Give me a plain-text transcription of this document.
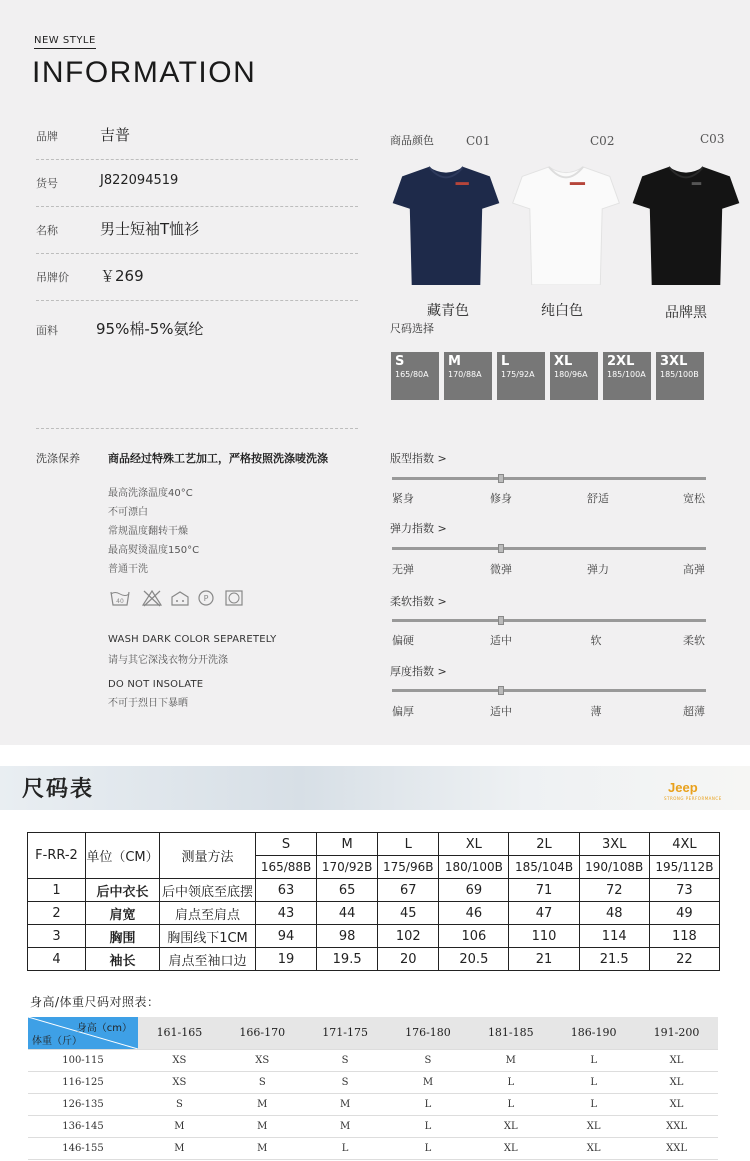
NEW STYLE
INFORMATION
品牌	吉普
货号	J822094519
名称	男士短袖T恤衫
吊牌价 ￥269
面料	95%棉-5%氨纶
商品颜色	C01	C02	C03
藏青色	纯白色	品牌黑
尺码选择
S
165/80A
M
170/88A
L
175/92A
XL
180/96A
2XL
185/100A
3XL
185/100B
洗涤保养	商品经过特殊工艺加工，严格按照洗涤唛洗涤
最高洗涤温度40°C
不可漂白
常规温度翻转干燥
最高熨烫温度150°C
普通干洗
40	P
WASH DARK COLOR SEPARETELY
请与其它深浅衣物分开洗涤
DO NOT INSOLATE
不可于烈日下暴晒
版型指数 >
紧身	修身	舒适	宽松
弹力指数 >
无弹	微弹	弹力	高弹
柔软指数 >
偏硬	适中	软	柔软
厚度指数 >
偏厚	适中	薄	超薄
尺码表	Jeep
STRONG PERFORMANCE
F-RR-2	单位（CM）	测量方法	S	M	L	XL	2L	3XL	4XL
			165/88B	170/92B	175/96B	180/100B	185/104B	190/108B	195/112B
1	后中衣长	后中领底至底摆	63	65	67	69	71	72	73
2	肩宽	肩点至肩点	43	44	45	46	47	48	49
3	胸围	胸围线下1CM	94	98	102	106	110	114	118
4	袖长	肩点至袖口边	19	19.5	20	20.5	21	21.5	22
身高/体重尺码对照表：
身高（cm）
体重（斤）	161-165	166-170	171-175	176-180	181-185	186-190	191-200
100-115	XS	XS	S	S	M	L	XL
116-125	XS	S	S	M	L	L	XL
126-135	S	M	M	L	L	L	XL
136-145	M	M	M	L	XL	XL	XXL
146-155	M	M	L	L	XL	XL	XXL
